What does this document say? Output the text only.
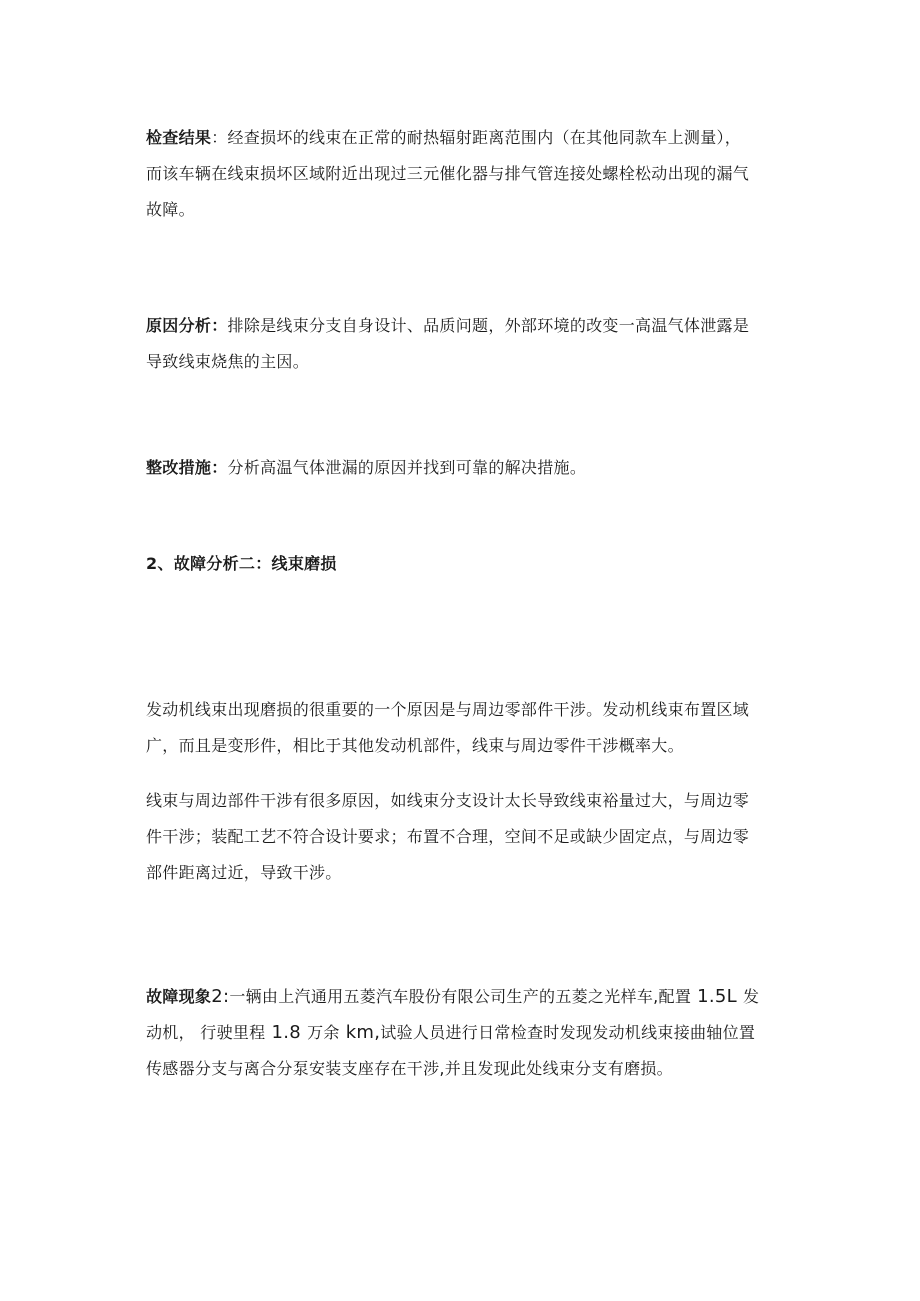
检查结果：经查损坏的线束在正常的耐热辐射距离范围内（在其他同款车上测量），
而该车辆在线束损坏区域附近出现过三元催化器与排气管连接处螺栓松动出现的漏气
故障。
原因分析：排除是线束分支自身设计、品质问题，外部环境的改变一高温气体泄露是
导致线束烧焦的主因。
整改措施：分析高温气体泄漏的原因并找到可靠的解决措施。
2、故障分析二：线束磨损
发动机线束出现磨损的很重要的一个原因是与周边零部件干涉。发动机线束布置区域
广，而且是变形件，相比于其他发动机部件，线束与周边零件干涉概率大。
线束与周边部件干涉有很多原因，如线束分支设计太长导致线束裕量过大，与周边零
件干涉；装配工艺不符合设计要求；布置不合理，空间不足或缺少固定点，与周边零
部件距离过近，导致干涉。
故障现象2:一辆由上汽通用五菱汽车股份有限公司生产的五菱之光样车,配置 1.5L 发
动机， 行驶里程 1.8 万余 km,试验人员进行日常检查时发现发动机线束接曲轴位置
传感器分支与离合分泵安装支座存在干涉,并且发现此处线束分支有磨损。
